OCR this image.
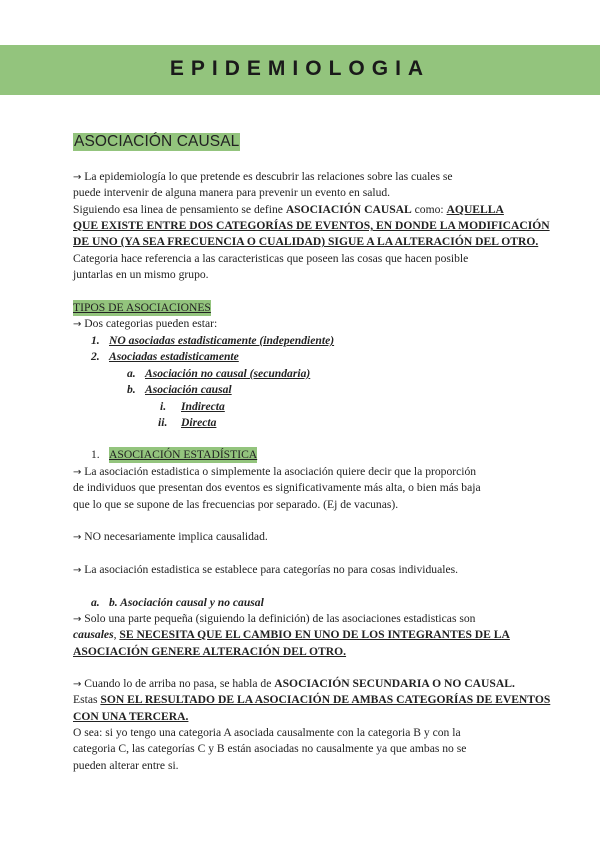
EPIDEMIOLOGIA
ASOCIACIÓN CAUSAL
→ La epidemiología lo que pretende es descubrir las relaciones sobre las cuales se
puede intervenir de alguna manera para prevenir un evento en salud.
Siguiendo esa linea de pensamiento se define ASOCIACIÓN CAUSAL como: AQUELLA
QUE EXISTE ENTRE DOS CATEGORÍAS DE EVENTOS, EN DONDE LA MODIFICACIÓN
DE UNO (YA SEA FRECUENCIA O CUALIDAD) SIGUE A LA ALTERACIÓN DEL OTRO.
Categoria hace referencia a las caracteristicas que poseen las cosas que hacen posible
juntarlas en un mismo grupo.
TIPOS DE ASOCIACIONES
→ Dos categorias pueden estar:
1. NO asociadas estadisticamente (independiente)
2. Asociadas estadisticamente
a. Asociación no causal (secundaria)
b. Asociación causal
i. Indirecta
ii. Directa
1. ASOCIACIÓN ESTADÍSTICA
→ La asociación estadistica o simplemente la asociación quiere decir que la proporción
de individuos que presentan dos eventos es significativamente más alta, o bien más baja
que lo que se supone de las frecuencias por separado. (Ej de vacunas).
→ NO necesariamente implica causalidad.
→ La asociación estadistica se establece para categorías no para cosas individuales.
a. b. Asociación causal y no causal
→ Solo una parte pequeña (siguiendo la definición) de las asociaciones estadisticas son
causales, SE NECESITA QUE EL CAMBIO EN UNO DE LOS INTEGRANTES DE LA
ASOCIACIÓN GENERE ALTERACIÓN DEL OTRO.
→ Cuando lo de arriba no pasa, se habla de ASOCIACIÓN SECUNDARIA O NO CAUSAL.
Estas SON EL RESULTADO DE LA ASOCIACIÓN DE AMBAS CATEGORÍAS DE EVENTOS
CON UNA TERCERA.
O sea: si yo tengo una categoria A asociada causalmente con la categoria B y con la
categoria C, las categorías C y B están asociadas no causalmente ya que ambas no se
pueden alterar entre si.
